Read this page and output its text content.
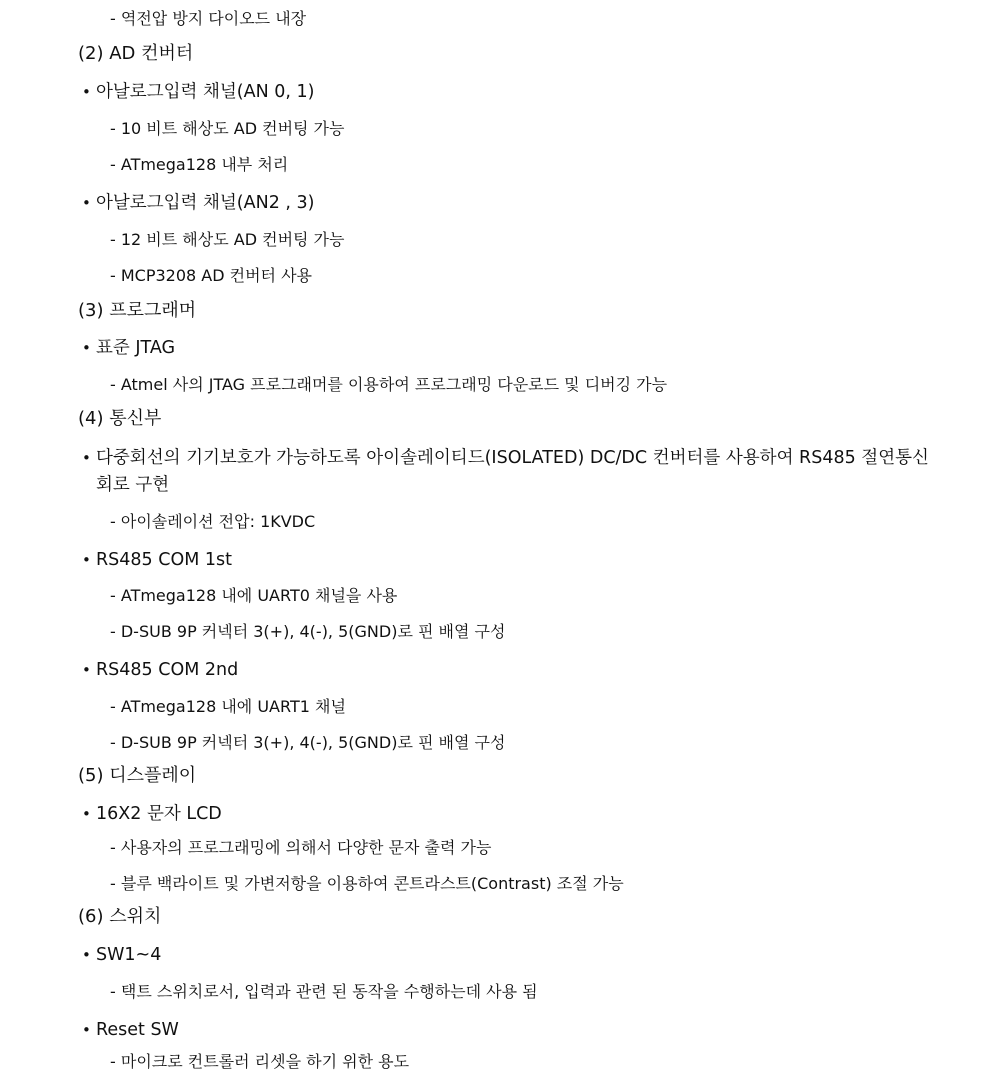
- 역전압 방지 다이오드 내장
(2) AD 컨버터
• 아날로그입력 채널(AN 0, 1)
- 10 비트 해상도 AD 컨버팅 가능
- ATmega128 내부 처리
• 아날로그입력 채널(AN2 , 3)
- 12 비트 해상도 AD 컨버팅 가능
- MCP3208 AD 컨버터 사용
(3) 프로그래머
• 표준 JTAG
- Atmel 사의 JTAG 프로그래머를 이용하여 프로그래밍 다운로드 및 디버깅 가능
(4) 통신부
• 다중회선의 기기보호가 가능하도록 아이솔레이티드(ISOLATED) DC/DC 컨버터를 사용하여 RS485 절연통신
회로 구현
- 아이솔레이션 전압: 1KVDC
• RS485 COM 1st
- ATmega128 내에 UART0 채널을 사용
- D-SUB 9P 커넥터 3(+), 4(-), 5(GND)로 핀 배열 구성
• RS485 COM 2nd
- ATmega128 내에 UART1 채널
- D-SUB 9P 커넥터 3(+), 4(-), 5(GND)로 핀 배열 구성
(5) 디스플레이
• 16X2 문자 LCD
- 사용자의 프로그래밍에 의해서 다양한 문자 출력 가능
- 블루 백라이트 및 가변저항을 이용하여 콘트라스트(Contrast) 조절 가능
(6) 스위치
• SW1~4
- 택트 스위치로서, 입력과 관련 된 동작을 수행하는데 사용 됨
• Reset SW
- 마이크로 컨트롤러 리셋을 하기 위한 용도
